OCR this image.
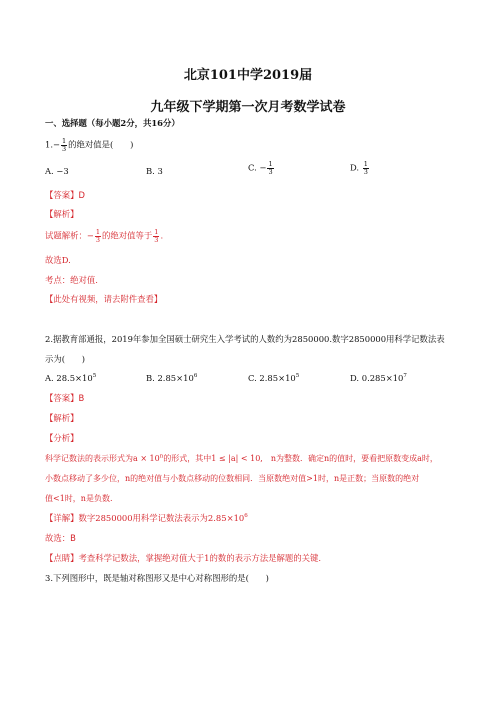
北京101中学2019届
九年级下学期第一次月考数学试卷
一、选择题（每小题2分，共16分）
$1.- \frac{1}{3}$ 的绝对值是(　　)
A. −3	B. 3	C. − $\frac{1}{3}$	D. $\frac{1}{3}$
【答案】D
【解析】
试题解析：− $\frac{1}{3}$ 的绝对值等于 $\frac{1}{3}$ .
故选D.
考点：绝对值.
【此处有视频，请去附件查看】
2.据教育部通报，2019年参加全国硕士研究生入学考试的人数约为2850000.数字2850000用科学记数法表
示为(　　)
A. $28.5\times 10^5$	B. $2.85\times 10^6$	C. $2.85\times 10^5$	D. $0.285\times 10^7$
【答案】B
【解析】
【分析】
科学记数法的表示形式为$a \times 10^n$的形式，其中1 ≤ |a| < 10,　n为整数．确定n的值时，要看把原数变成a时，
小数点移动了多少位，n的绝对值与小数点移动的位数相同．当原数绝对值>1时，n是正数；当原数的绝对
值<1时，n是负数.
【详解】数字2850000用科学记数法表示为$2.85\times 10^6$
故选：B
【点睛】考查科学记数法，掌握绝对值大于1的数的表示方法是解题的关键.
3.下列图形中，既是轴对称图形又是中心对称图形的是(　　)
